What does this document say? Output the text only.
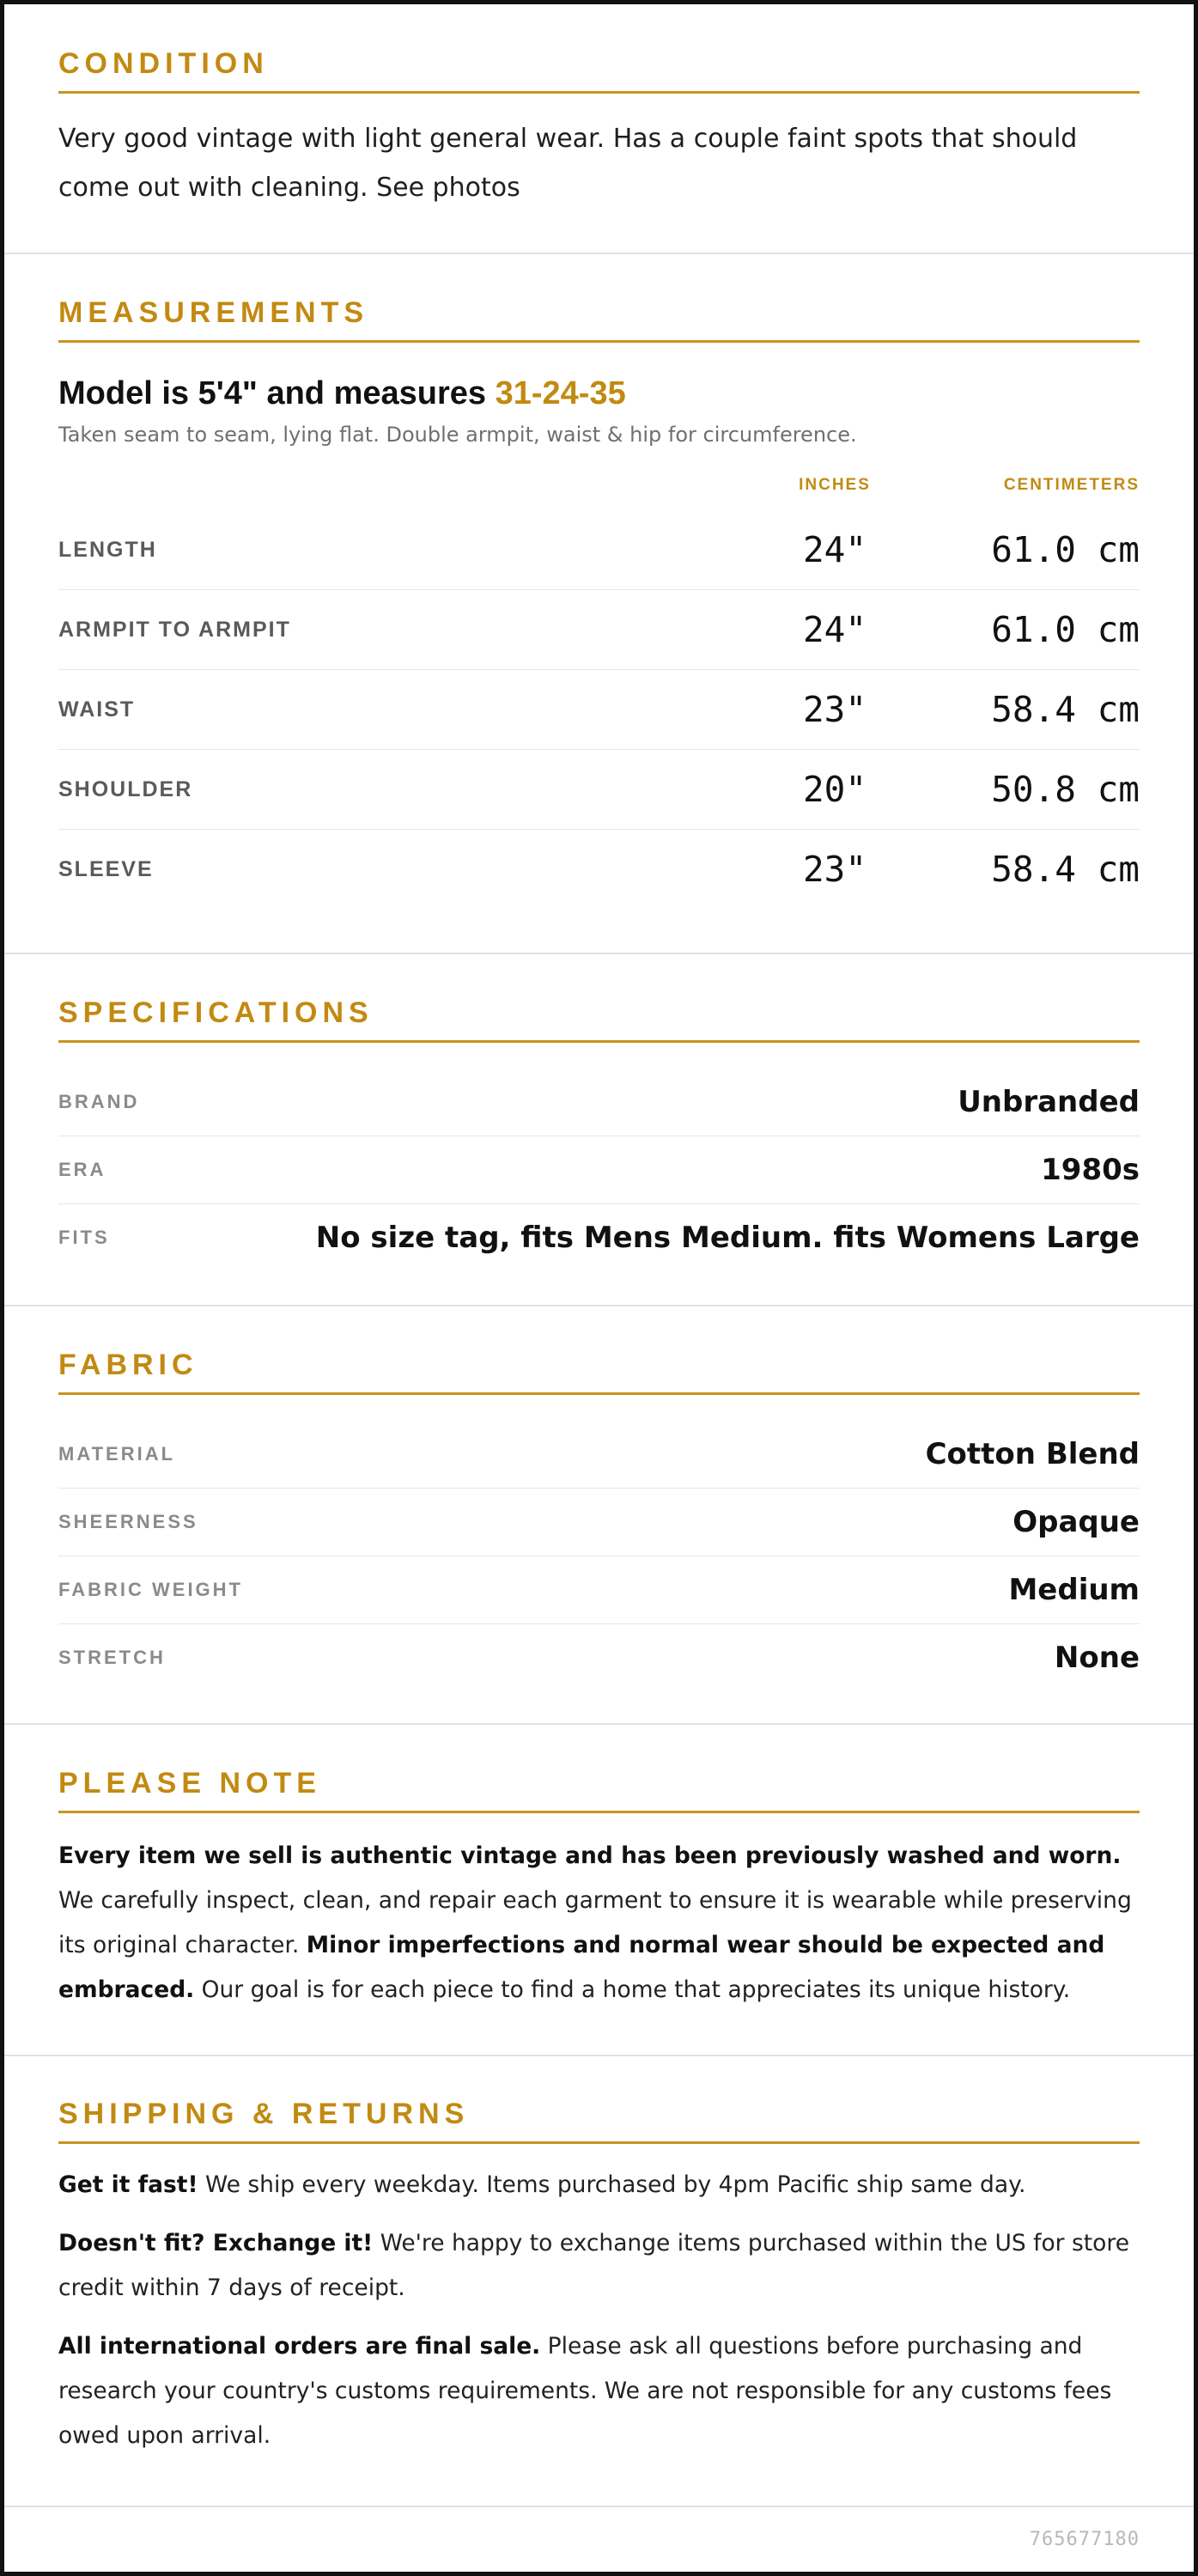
CONDITION

Very good vintage with light general wear. Has a couple faint spots that should come out with cleaning. See photos

MEASUREMENTS

Model is 5'4" and measures 31-24-35

Taken seam to seam, lying flat. Double armpit, waist & hip for circumference.

INCHES	CENTIMETERS
LENGTH	24"	61.0 cm
ARMPIT TO ARMPIT	24"	61.0 cm
WAIST	23"	58.4 cm
SHOULDER	20"	50.8 cm
SLEEVE	23"	58.4 cm
SPECIFICATIONS
BRAND	Unbranded
ERA	1980s
FITS	No size tag, fits Mens Medium. fits Womens Large
FABRIC
MATERIAL	Cotton Blend
SHEERNESS	Opaque
FABRIC WEIGHT	Medium
STRETCH	None
PLEASE NOTE

Every item we sell is authentic vintage and has been previously washed and worn. We carefully inspect, clean, and repair each garment to ensure it is wearable while preserving its original character. Minor imperfections and normal wear should be expected and embraced. Our goal is for each piece to find a home that appreciates its unique history.

SHIPPING & RETURNS

Get it fast! We ship every weekday. Items purchased by 4pm Pacific ship same day.

Doesn't fit? Exchange it! We're happy to exchange items purchased within the US for store credit within 7 days of receipt.

All international orders are final sale. Please ask all questions before purchasing and research your country's customs requirements. We are not responsible for any customs fees owed upon arrival.

765677180
